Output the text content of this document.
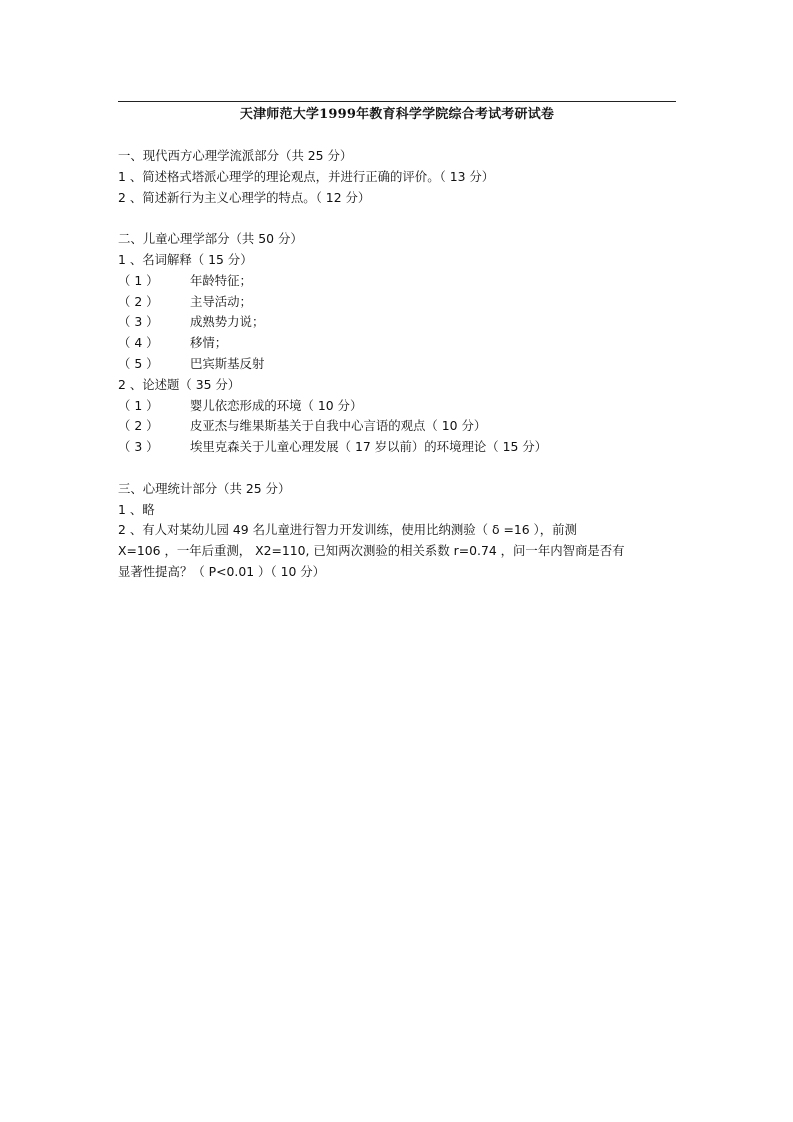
天津师范大学1999年教育科学学院综合考试考研试卷
一、现代西方心理学流派部分（共 25 分）
1 、简述格式塔派心理学的理论观点，并进行正确的评价。（ 13 分）
2 、简述新行为主义心理学的特点。（ 12 分）
二、儿童心理学部分（共 50 分）
1 、名词解释（ 15 分）
（ 1 ）	年龄特征；
（ 2 ）	主导活动；
（ 3 ）	成熟势力说；
（ 4 ）	移情；
（ 5 ）	巴宾斯基反射
2 、论述题（ 35 分）
（ 1 ）	婴儿依恋形成的环境（ 10 分）
（ 2 ）	皮亚杰与维果斯基关于自我中心言语的观点（ 10 分）
（ 3 ）	埃里克森关于儿童心理发展（ 17 岁以前）的环境理论（ 15 分）
三、心理统计部分（共 25 分）
1 、略
2 、有人对某幼儿园 49 名儿童进行智力开发训练，使用比纳测验（ δ =16 ），前测
X=106 ，一年后重测， X2=110, 已知两次测验的相关系数 r=0.74 ，问一年内智商是否有
显著性提高？（ P<0.01 ）（ 10 分）
